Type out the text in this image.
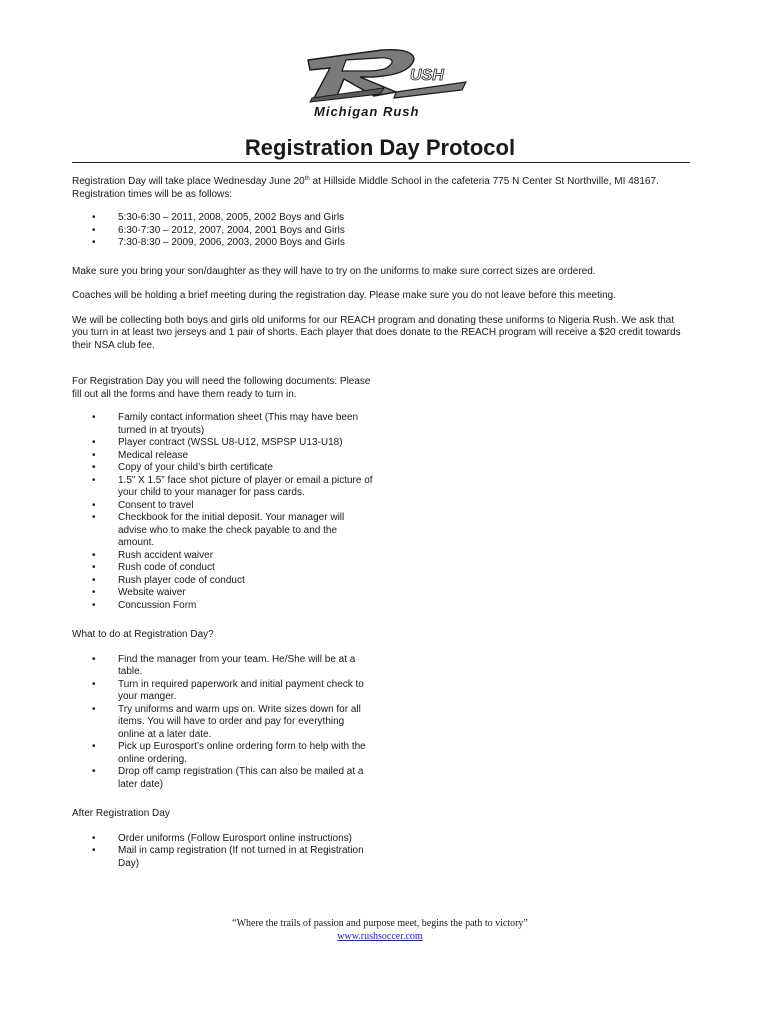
USH
Michigan Rush
Registration Day Protocol

Registration Day will take place Wednesday June 20th at Hillside Middle School in the cafeteria 775 N Center St Northville, MI 48167.

Registration times will be as follows:

• 5:30-6:30 – 2011, 2008, 2005, 2002 Boys and Girls
• 6:30-7:30 – 2012, 2007, 2004, 2001 Boys and Girls
• 7:30-8:30 – 2009, 2006, 2003, 2000 Boys and Girls

Make sure you bring your son/daughter as they will have to try on the uniforms to make sure correct sizes are ordered.

Coaches will be holding a brief meeting during the registration day. Please make sure you do not leave before this meeting.

We will be collecting both boys and girls old uniforms for our REACH program and donating these uniforms to Nigeria Rush. We ask that

you turn in at least two jerseys and 1 pair of shorts. Each player that does donate to the REACH program will receive a $20 credit towards

their NSA club fee.

For Registration Day you will need the following documents: Please

fill out all the forms and have them ready to turn in.

• Family contact information sheet (This may have been
turned in at tryouts)
• Player contract (WSSL U8-U12, MSPSP U13-U18)
• Medical release
• Copy of your child’s birth certificate
• 1.5” X 1.5” face shot picture of player or email a picture of
your child to your manager for pass cards.
• Consent to travel
• Checkbook for the initial deposit. Your manager will
advise who to make the check payable to and the
amount.
• Rush accident waiver
• Rush code of conduct
• Rush player code of conduct
• Website waiver
• Concussion Form

What to do at Registration Day?

• Find the manager from your team. He/She will be at a
table.
• Turn in required paperwork and initial payment check to
your manger.
• Try uniforms and warm ups on. Write sizes down for all
items. You will have to order and pay for everything
online at a later date.
• Pick up Eurosport’s online ordering form to help with the
online ordering.
• Drop off camp registration (This can also be mailed at a
later date)

After Registration Day

• Order uniforms (Follow Eurosport online instructions)
• Mail in camp registration (If not turned in at Registration
Day)
“Where the trails of passion and purpose meet, begins the path to victory”
www.rushsoccer.com
